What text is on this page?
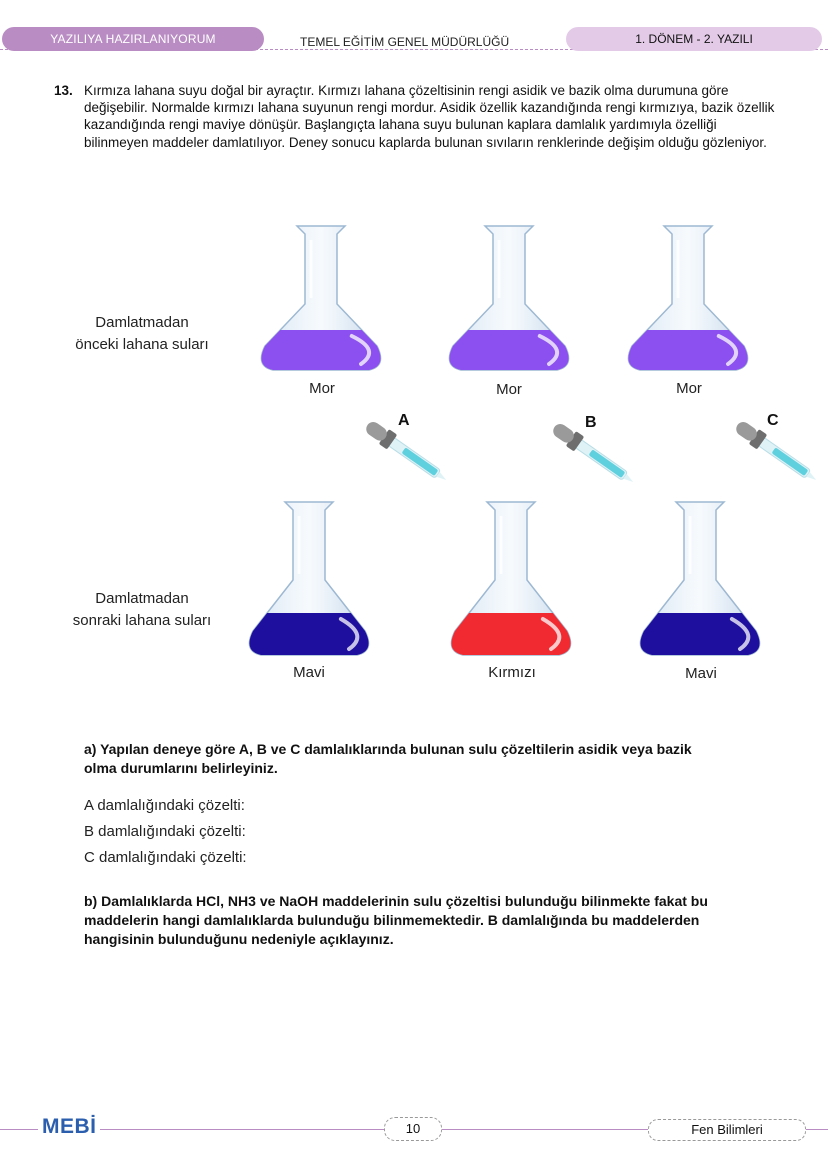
YAZILIYA HAZIRLANIYORUM	TEMEL EĞİTİM GENEL MÜDÜRLÜĞÜ	1. DÖNEM - 2. YAZILI
13. Kırmıza lahana suyu doğal bir ayraçtır. Kırmızı lahana çözeltisinin rengi asidik ve bazik olma durumuna göre değişebilir. Normalde kırmızı lahana suyunun rengi mordur. Asidik özellik kazandığında rengi kırmızıya, bazik özellik kazandığında rengi maviye dönüşür. Başlangıçta lahana suyu bulunan kaplara damlalık yardımıyla özelliği bilinmeyen maddeler damlatılıyor. Deney sonucu kaplarda bulunan sıvıların renklerinde değişim olduğu gözleniyor.
Damlatmadan
önceki lahana suları
Damlatmadan
sonraki lahana suları
Mor	Mor	Mor
A	B	C
Mavi	Kırmızı	Mavi
a) Yapılan deneye göre A, B ve C damlalıklarında bulunan sulu çözeltilerin asidik veya bazik olma durumlarını belirleyiniz.
A damlalığındaki çözelti:
B damlalığındaki çözelti:
C damlalığındaki çözelti:
b) Damlalıklarda HCl, NH3 ve NaOH maddelerinin sulu çözeltisi bulunduğu bilinmekte fakat bu maddelerin hangi damlalıklarda bulunduğu bilinmemektedir. B damlalığında bu maddelerden hangisinin bulunduğunu nedeniyle açıklayınız.
MEBİ	10	Fen Bilimleri
